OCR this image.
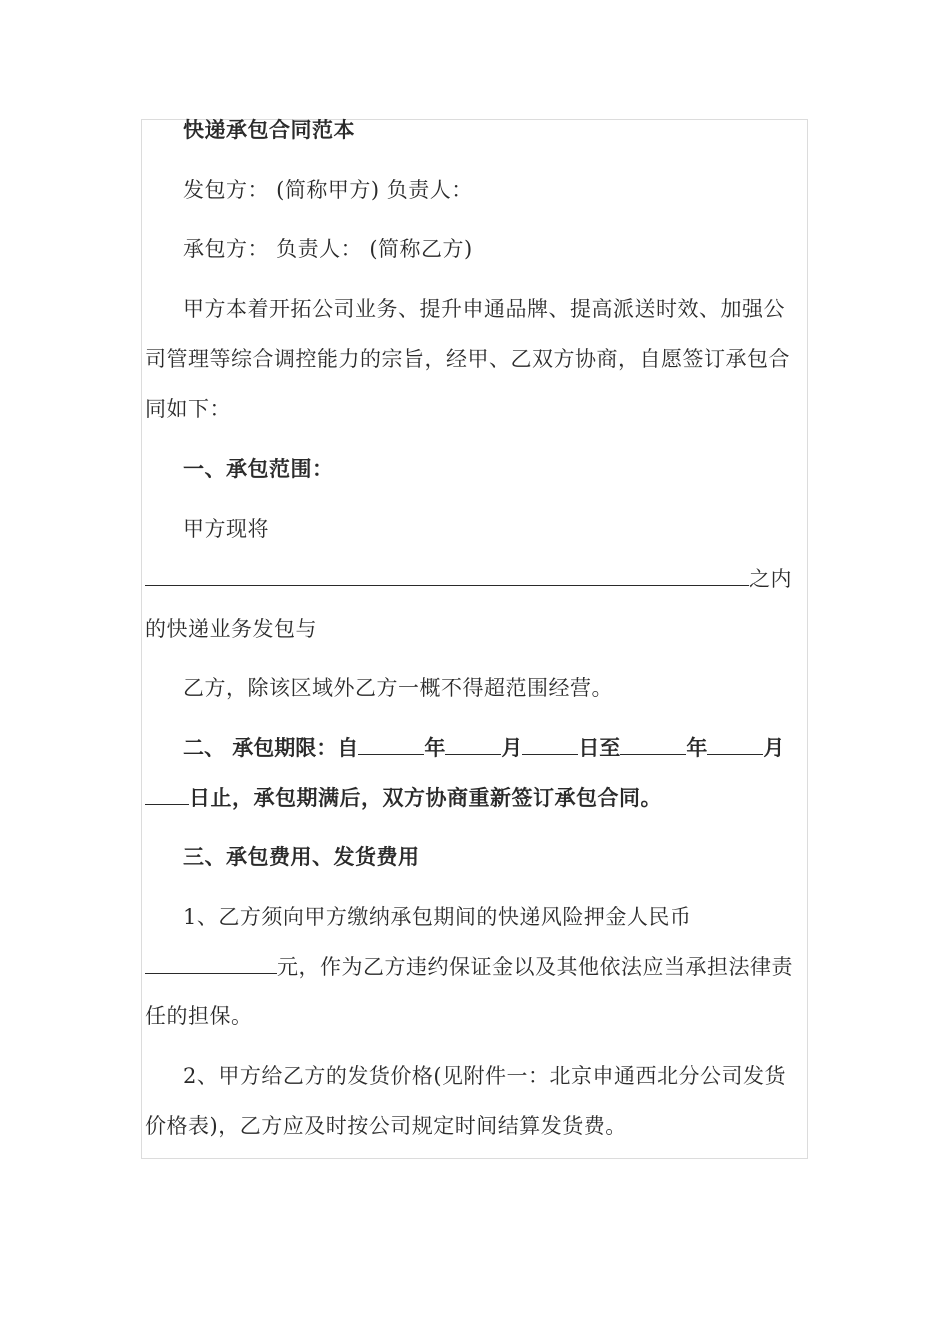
快递承包合同范本
发包方： (简称甲方) 负责人：
承包方： 负责人： (简称乙方)
甲方本着开拓公司业务、提升申通品牌、提高派送时效、加强公
司管理等综合调控能力的宗旨，经甲、乙双方协商，自愿签订承包合
同如下：
一、承包范围：
甲方现将
之内
的快递业务发包与
乙方，除该区域外乙方一概不得超范围经营。
二、 承包期限：自	年	月	日至	年	月
日止，承包期满后，双方协商重新签订承包合同。
三、承包费用、发货费用
1、乙方须向甲方缴纳承包期间的快递风险押金人民币
元，作为乙方违约保证金以及其他依法应当承担法律责
任的担保。
2、甲方给乙方的发货价格(见附件一：北京申通西北分公司发货
价格表)，乙方应及时按公司规定时间结算发货费。
